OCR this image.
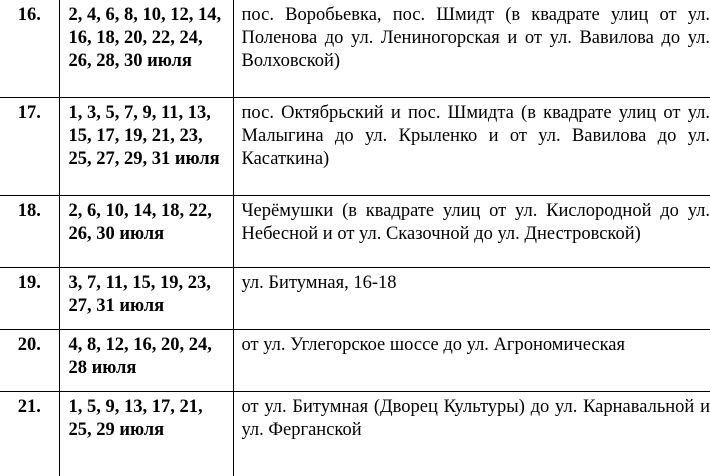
16.	2, 4, 6, 8, 10, 12, 14, 16, 18, 20, 22, 24, 26, 28, 30 июля	пос. Воробьевка, пос. Шмидт (в квадрате улиц от ул. Поленова до ул. Лениногорская и от ул. Вавилова до ул. Волховской)
17.	1, 3, 5, 7, 9, 11, 13, 15, 17, 19, 21, 23, 25, 27, 29, 31 июля	пос. Октябрьский и пос. Шмидта (в квадрате улиц от ул. Малыгина до ул. Крыленко и от ул. Вавилова до ул. Касаткина)
18.	2, 6, 10, 14, 18, 22, 26, 30 июля	Черёмушки (в квадрате улиц от ул. Кислородной до ул. Небесной и от ул. Сказочной до ул. Днестровской)
19.	3, 7, 11, 15, 19, 23, 27, 31 июля	ул. Битумная, 16-18
20.	4, 8, 12, 16, 20, 24, 28 июля	от ул. Углегорское шоссе до ул. Агрономическая
21.	1, 5, 9, 13, 17, 21, 25, 29 июля	от ул. Битумная (Дворец Культуры) до ул. Карнавальной и ул. Ферганской
